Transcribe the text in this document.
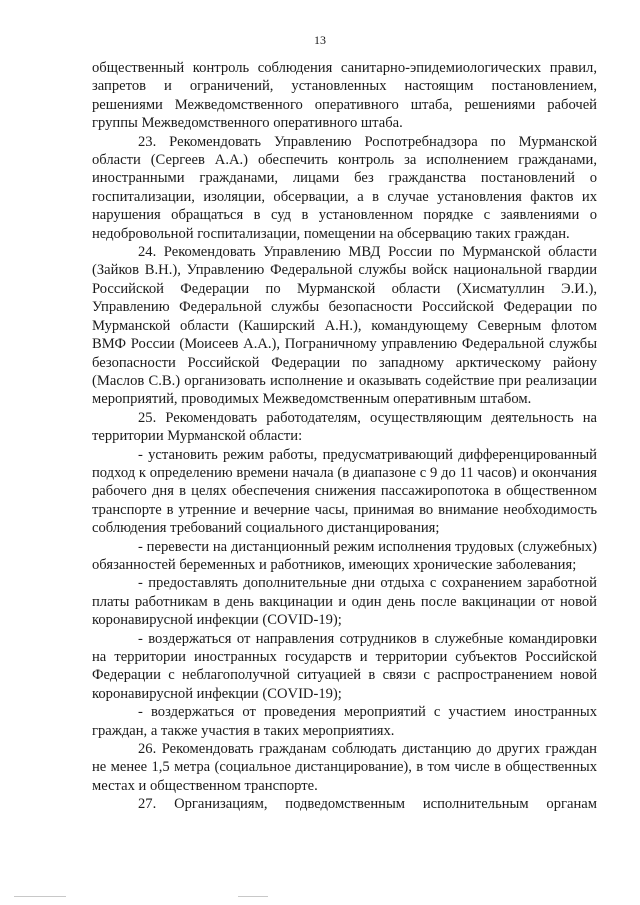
13

общественный контроль соблюдения санитарно-эпидемиологических правил, запретов и ограничений, установленных настоящим постановлением, решениями Межведомственного оперативного штаба, решениями рабочей группы Межведомственного оперативного штаба.

23. Рекомендовать Управлению Роспотребнадзора по Мурманской области (Сергеев А.А.) обеспечить контроль за исполнением гражданами, иностранными гражданами, лицами без гражданства постановлений о госпитализации, изоляции, обсервации, а в случае установления фактов их нарушения обращаться в суд в установленном порядке с заявлениями о недобровольной госпитализации, помещении на обсервацию таких граждан.

24. Рекомендовать Управлению МВД России по Мурманской области (Зайков В.Н.), Управлению Федеральной службы войск национальной гвардии Российской Федерации по Мурманской области (Хисматуллин Э.И.), Управлению Федеральной службы безопасности Российской Федерации по Мурманской области (Каширский А.Н.), командующему Северным флотом ВМФ России (Моисеев А.А.), Пограничному управлению Федеральной службы безопасности Российской Федерации по западному арктическому району (Маслов С.В.) организовать исполнение и оказывать содействие при реализации мероприятий, проводимых Межведомственным оперативным штабом.

25. Рекомендовать работодателям, осуществляющим деятельность на территории Мурманской области:

- установить режим работы, предусматривающий дифференцированный подход к определению времени начала (в диапазоне с 9 до 11 часов) и окончания рабочего дня в целях обеспечения снижения пассажиропотока в общественном транспорте в утренние и вечерние часы, принимая во внимание необходимость соблюдения требований социального дистанцирования;

- перевести на дистанционный режим исполнения трудовых (служебных) обязанностей беременных и работников, имеющих хронические заболевания;

- предоставлять дополнительные дни отдыха с сохранением заработной платы работникам в день вакцинации и один день после вакцинации от новой коронавирусной инфекции (COVID-19);

- воздержаться от направления сотрудников в служебные командировки на территории иностранных государств и территории субъектов Российской Федерации с неблагополучной ситуацией в связи с распространением новой коронавирусной инфекции (COVID-19);

- воздержаться от проведения мероприятий с участием иностранных граждан, а также участия в таких мероприятиях.

26. Рекомендовать гражданам соблюдать дистанцию до других граждан не менее 1,5 метра (социальное дистанцирование), в том числе в общественных местах и общественном транспорте.

27. Организациям, подведомственным исполнительным органам
